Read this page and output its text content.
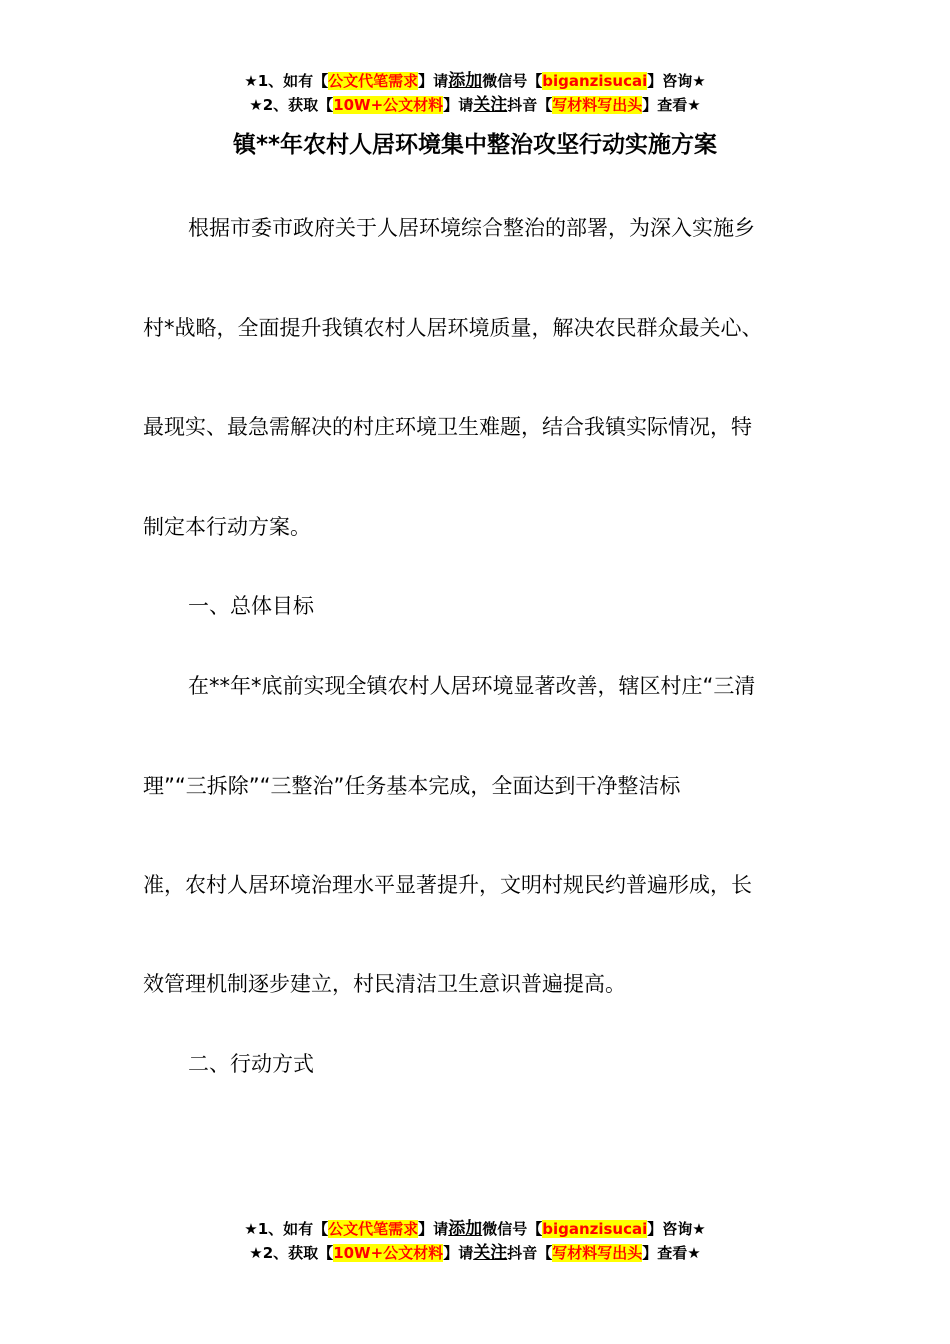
★1、如有【公文代笔需求】请添加微信号【biganzisucai】咨询★
★2、获取【10W+公文材料】请关注抖音【写材料写出头】查看★
镇**年农村人居环境集中整治攻坚行动实施方案
根据市委市政府关于人居环境综合整治的部署，为深入实施乡
村*战略，全面提升我镇农村人居环境质量，解决农民群众最关心、
最现实、最急需解决的村庄环境卫生难题，结合我镇实际情况，特
制定本行动方案。
一、总体目标
在**年*底前实现全镇农村人居环境显著改善，辖区村庄“三清
理”“三拆除”“三整治”任务基本完成，全面达到干净整洁标
准，农村人居环境治理水平显著提升，文明村规民约普遍形成，长
效管理机制逐步建立，村民清洁卫生意识普遍提高。
二、行动方式
★1、如有【公文代笔需求】请添加微信号【biganzisucai】咨询★
★2、获取【10W+公文材料】请关注抖音【写材料写出头】查看★
